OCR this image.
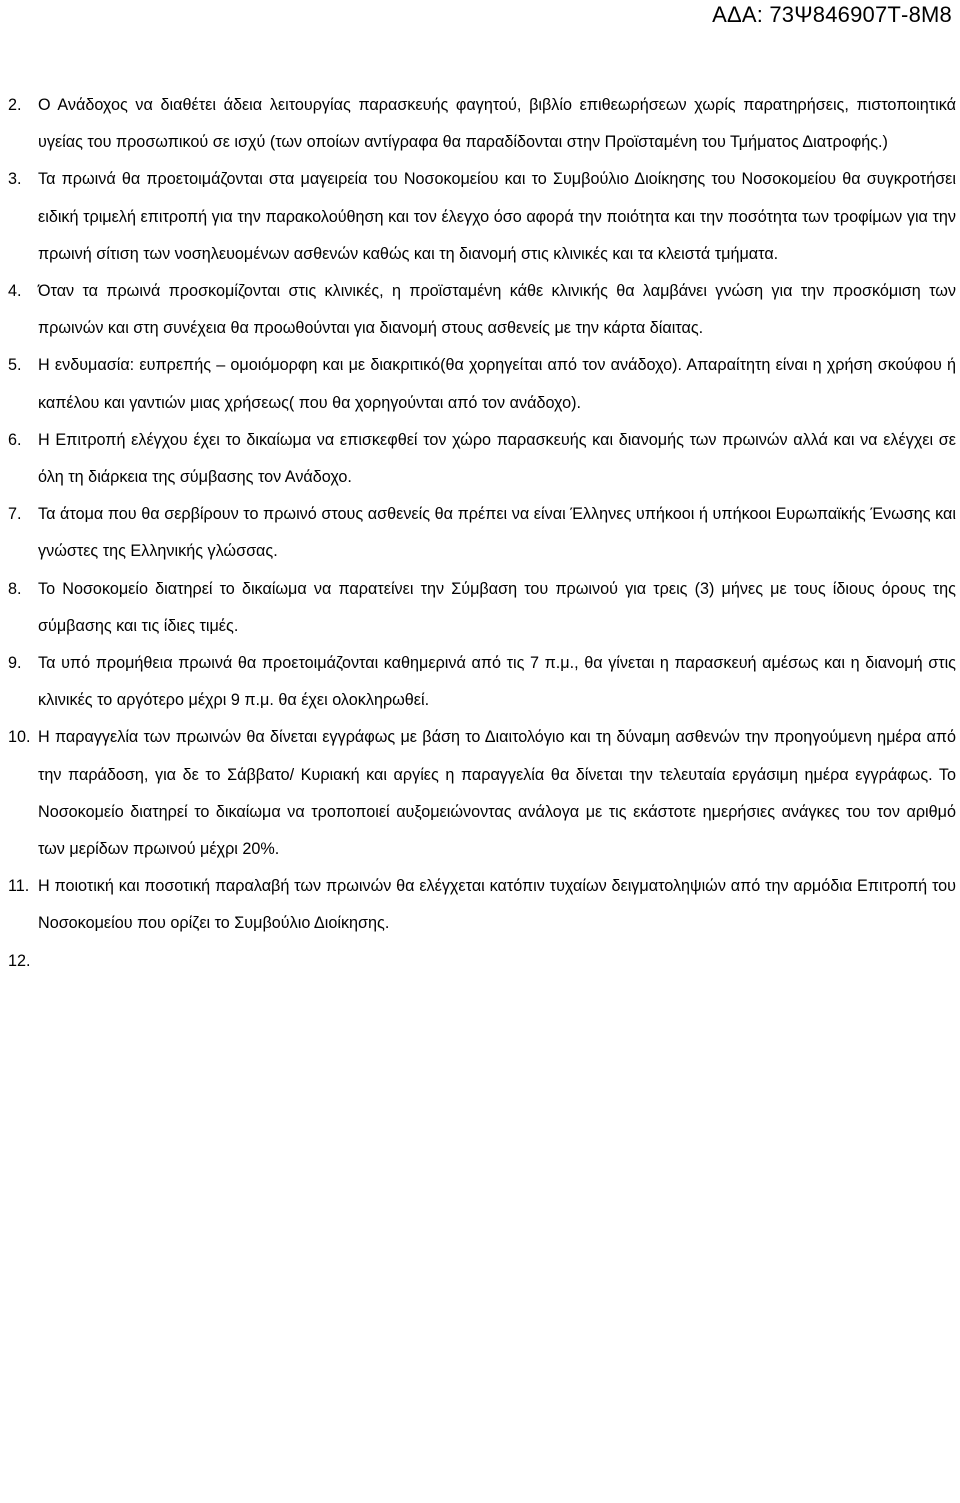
ΑΔΑ: 73Ψ846907Τ-8Μ8
2. Ο Ανάδοχος να διαθέτει άδεια λειτουργίας παρασκευής φαγητού, βιβλίο επιθεωρήσεων χωρίς παρατηρήσεις, πιστοποιητικά υγείας του προσωπικού σε ισχύ (των οποίων αντίγραφα θα παραδίδονται στην Προϊσταμένη του Τμήματος Διατροφής.)
3. Τα πρωινά θα προετοιμάζονται στα μαγειρεία του Νοσοκομείου και το Συμβούλιο Διοίκησης του Νοσοκομείου θα συγκροτήσει ειδική τριμελή επιτροπή για την παρακολούθηση και τον έλεγχο όσο αφορά την ποιότητα και την ποσότητα των τροφίμων για την πρωινή σίτιση των νοσηλευομένων ασθενών καθώς και τη διανομή στις κλινικές και τα κλειστά τμήματα.
4. Όταν τα πρωινά προσκομίζονται στις κλινικές, η προϊσταμένη κάθε κλινικής θα λαμβάνει γνώση για την προσκόμιση των πρωινών και στη συνέχεια θα προωθούνται για διανομή στους ασθενείς με την κάρτα δίαιτας.
5. Η ενδυμασία: ευπρεπής – ομοιόμορφη και με διακριτικό(θα χορηγείται από τον ανάδοχο). Απαραίτητη είναι η χρήση σκούφου ή καπέλου και γαντιών μιας χρήσεως( που θα χορηγούνται από τον ανάδοχο).
6. Η Επιτροπή ελέγχου έχει το δικαίωμα να επισκεφθεί τον χώρο παρασκευής και διανομής των πρωινών αλλά και να ελέγχει σε όλη τη διάρκεια της σύμβασης τον Ανάδοχο.
7. Τα άτομα που θα σερβίρουν το πρωινό στους ασθενείς θα πρέπει να είναι Έλληνες υπήκοοι ή υπήκοοι Ευρωπαϊκής Ένωσης και γνώστες της Ελληνικής γλώσσας.
8. Το Νοσοκομείο διατηρεί το δικαίωμα να παρατείνει την Σύμβαση του πρωινού για τρεις (3) μήνες με τους ίδιους όρους της σύμβασης και τις ίδιες τιμές.
9. Τα υπό προμήθεια πρωινά θα προετοιμάζονται καθημερινά από τις 7 π.μ., θα γίνεται η παρασκευή αμέσως και η διανομή στις κλινικές το αργότερο μέχρι 9 π.μ. θα έχει ολοκληρωθεί.
10. Η παραγγελία των πρωινών θα δίνεται εγγράφως με βάση το Διαιτολόγιο και τη δύναμη ασθενών την προηγούμενη ημέρα από την παράδοση, για δε το Σάββατο/ Κυριακή και αργίες η παραγγελία θα δίνεται την τελευταία εργάσιμη ημέρα εγγράφως. Το Νοσοκομείο διατηρεί το δικαίωμα να τροποποιεί αυξομειώνοντας ανάλογα με τις εκάστοτε ημερήσιες ανάγκες του τον αριθμό των μερίδων πρωινού μέχρι 20%.
11. Η ποιοτική και ποσοτική παραλαβή των πρωινών θα ελέγχεται κατόπιν τυχαίων δειγματοληψιών από την αρμόδια Επιτροπή του Νοσοκομείου που ορίζει το Συμβούλιο Διοίκησης.
12.
